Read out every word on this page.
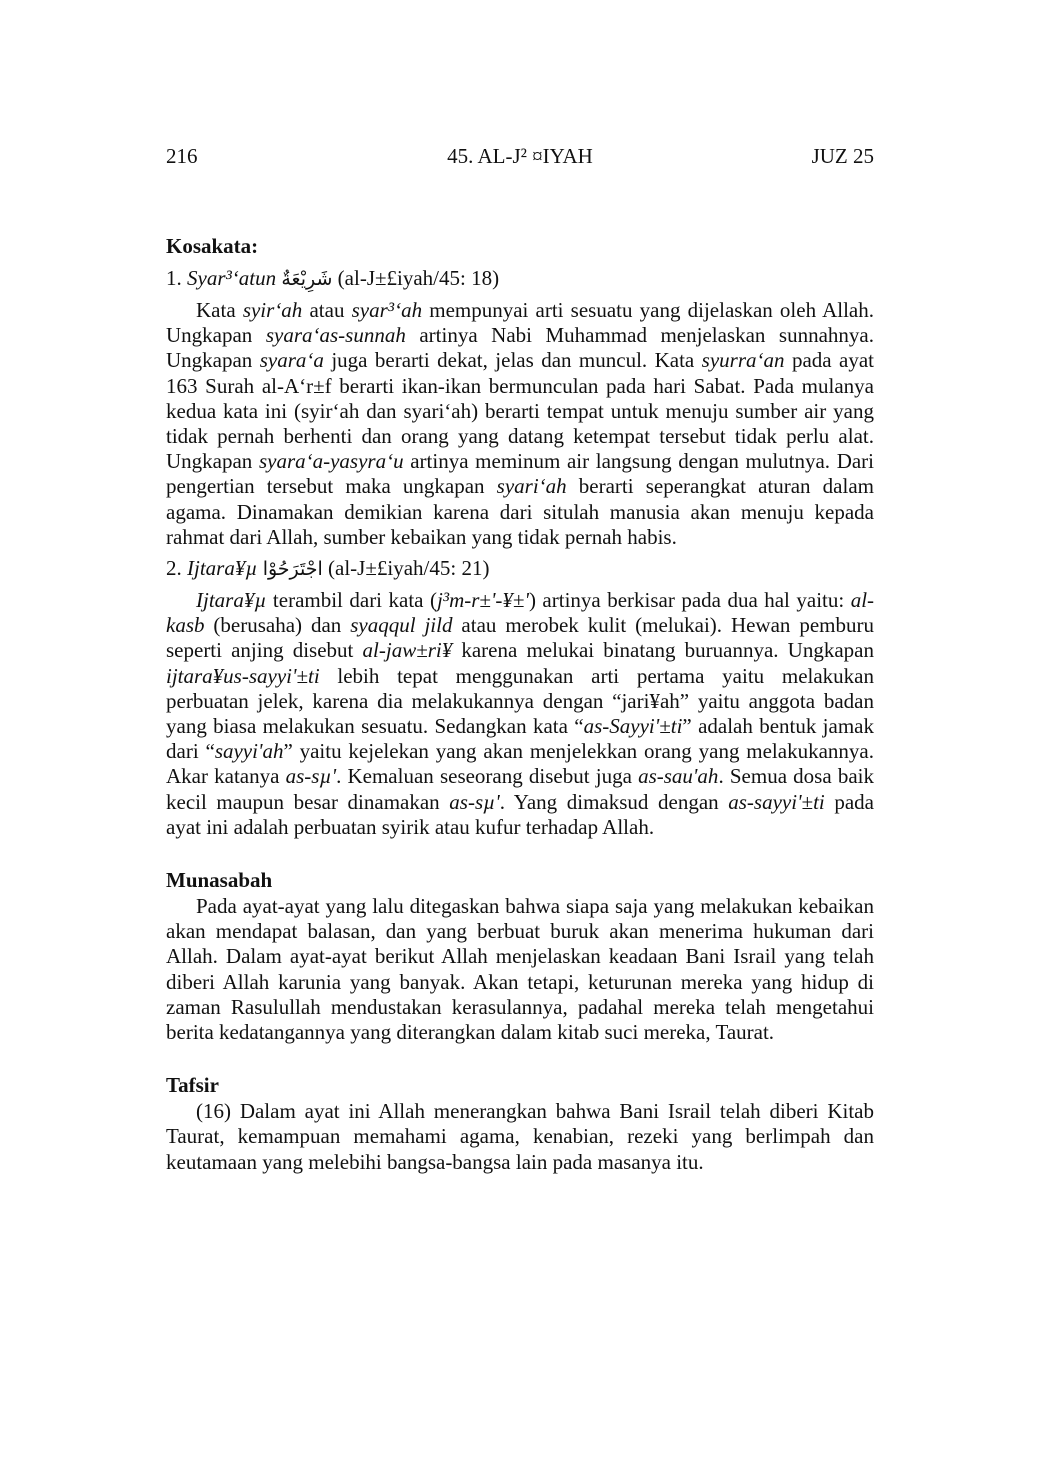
216	45. AL-J² ¤IYAH	JUZ 25
Kosakata:
1. Syar³‘atun شَرِيْعَةٌ (al-J±£iyah/45: 18)

Kata syir‘ah atau syar³‘ah mempunyai arti sesuatu yang dijelaskan oleh Allah. Ungkapan syara‘as-sunnah artinya Nabi Muhammad menjelaskan sunnahnya. Ungkapan syara‘a juga berarti dekat, jelas dan muncul. Kata syurra‘an pada ayat 163 Surah al-A‘r±f berarti ikan-ikan bermunculan pada hari Sabat. Pada mulanya kedua kata ini (syir‘ah dan syari‘ah) berarti tempat untuk menuju sumber air yang tidak pernah berhenti dan orang yang datang ketempat tersebut tidak perlu alat. Ungkapan syara‘a-yasyra‘u artinya meminum air langsung dengan mulutnya. Dari pengertian tersebut maka ungkapan syari‘ah berarti seperangkat aturan dalam agama. Dinamakan demikian karena dari situlah manusia akan menuju kepada rahmat dari Allah, sumber kebaikan yang tidak pernah habis.

2. Ijtara¥µ اجْتَرَحُوْا (al-J±£iyah/45: 21)

Ijtara¥µ terambil dari kata (j³m-r±'-¥±') artinya berkisar pada dua hal yaitu: al-kasb (berusaha) dan syaqqul jild atau merobek kulit (melukai). Hewan pemburu seperti anjing disebut al-jaw±ri¥ karena melukai binatang buruannya. Ungkapan ijtara¥us-sayyi'±ti lebih tepat menggunakan arti pertama yaitu melakukan perbuatan jelek, karena dia melakukannya dengan “jari¥ah” yaitu anggota badan yang biasa melakukan sesuatu. Sedangkan kata “as-Sayyi'±ti” adalah bentuk jamak dari “sayyi'ah” yaitu kejelekan yang akan menjelekkan orang yang melakukannya. Akar katanya as-sµ'. Kemaluan seseorang disebut juga as-sau'ah. Semua dosa baik kecil maupun besar dinamakan as-sµ'. Yang dimaksud dengan as-sayyi'±ti pada ayat ini adalah perbuatan syirik atau kufur terhadap Allah.

Munasabah

Pada ayat-ayat yang lalu ditegaskan bahwa siapa saja yang melakukan kebaikan akan mendapat balasan, dan yang berbuat buruk akan menerima hukuman dari Allah. Dalam ayat-ayat berikut Allah menjelaskan keadaan Bani Israil yang telah diberi Allah karunia yang banyak. Akan tetapi, keturunan mereka yang hidup di zaman Rasulullah mendustakan kerasulannya, padahal mereka telah mengetahui berita kedatangannya yang diterangkan dalam kitab suci mereka, Taurat.

Tafsir

(16) Dalam ayat ini Allah menerangkan bahwa Bani Israil telah diberi Kitab Taurat, kemampuan memahami agama, kenabian, rezeki yang berlimpah dan keutamaan yang melebihi bangsa-bangsa lain pada masanya itu.
